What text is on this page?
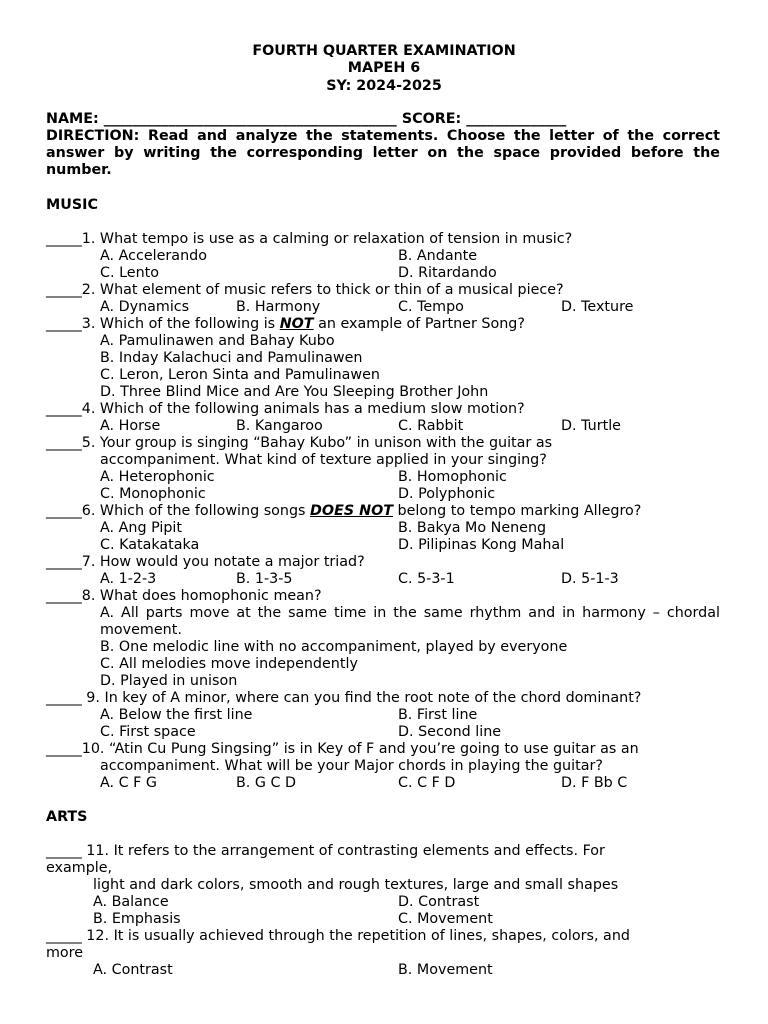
FOURTH QUARTER EXAMINATION
MAPEH 6
SY: 2024-2025
NAME: _________________________________________ SCORE: ______________
DIRECTION: Read and analyze the statements. Choose the letter of the correct answer by writing the corresponding letter on the space provided before the number.
MUSIC
_____1. What tempo is use as a calming or relaxation of tension in music?
A. Accelerando	B. Andante
C. Lento	D. Ritardando
_____2. What element of music refers to thick or thin of a musical piece?
A. Dynamics	B. Harmony	C. Tempo	D. Texture
_____3. Which of the following is NOT an example of Partner Song?
A. Pamulinawen and Bahay Kubo
B. Inday Kalachuci and Pamulinawen
C. Leron, Leron Sinta and Pamulinawen
D. Three Blind Mice and Are You Sleeping Brother John
_____4. Which of the following animals has a medium slow motion?
A. Horse	B. Kangaroo	C. Rabbit	D. Turtle
_____5. Your group is singing “Bahay Kubo” in unison with the guitar as
accompaniment. What kind of texture applied in your singing?
A. Heterophonic	B. Homophonic
C. Monophonic	D. Polyphonic
_____6. Which of the following songs DOES NOT belong to tempo marking Allegro?
A. Ang Pipit	B. Bakya Mo Neneng
C. Katakataka	D. Pilipinas Kong Mahal
_____7. How would you notate a major triad?
A. 1-2-3	B. 1-3-5	C. 5-3-1	D. 5-1-3
_____8. What does homophonic mean?
A. All parts move at the same time in the same rhythm and in harmony – chordal movement.
B. One melodic line with no accompaniment, played by everyone
C. All melodies move independently
D. Played in unison
_____ 9. In key of A minor, where can you find the root note of the chord dominant?
A. Below the first line	B. First line
C. First space	D. Second line
_____10. “Atin Cu Pung Singsing” is in Key of F and you’re going to use guitar as an
accompaniment. What will be your Major chords in playing the guitar?
A. C F G	B. G C D	C. C F D	D. F Bb C
ARTS
_____ 11. It refers to the arrangement of contrasting elements and effects. For
example,
light and dark colors, smooth and rough textures, large and small shapes
A. Balance	D. Contrast
B. Emphasis	C. Movement
_____ 12. It is usually achieved through the repetition of lines, shapes, colors, and
more
A. Contrast	B. Movement
